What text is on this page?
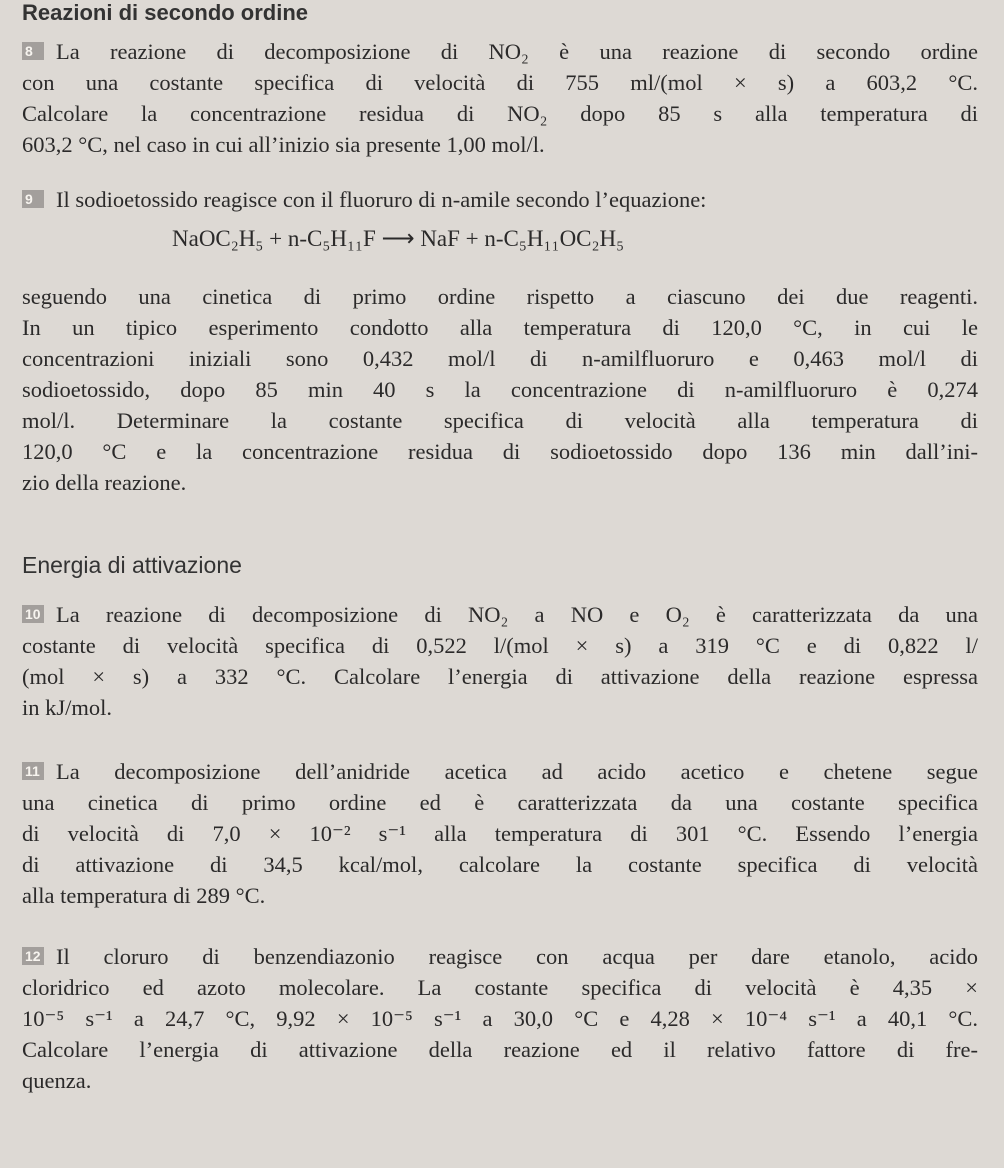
Reazioni di secondo ordine
8 La reazione di decomposizione di NO₂ è una reazione di secondo ordine
con una costante specifica di velocità di 755 ml/(mol × s) a 603,2 °C.
Calcolare la concentrazione residua di NO₂ dopo 85 s alla temperatura di
603,2 °C, nel caso in cui all’inizio sia presente 1,00 mol/l.
9 Il sodioetossido reagisce con il fluoruro di n-amile secondo l’equazione:
NaOC₂H₅ + n-C₅H₁₁F ⟶ NaF + n-C₅H₁₁OC₂H₅
seguendo una cinetica di primo ordine rispetto a ciascuno dei due reagenti.
In un tipico esperimento condotto alla temperatura di 120,0 °C, in cui le
concentrazioni iniziali sono 0,432 mol/l di n-amilfluoruro e 0,463 mol/l di
sodioetossido, dopo 85 min 40 s la concentrazione di n-amilfluoruro è 0,274
mol/l. Determinare la costante specifica di velocità alla temperatura di
120,0 °C e la concentrazione residua di sodioetossido dopo 136 min dall’ini-
zio della reazione.
Energia di attivazione
10 La reazione di decomposizione di NO₂ a NO e O₂ è caratterizzata da una
costante di velocità specifica di 0,522 l/(mol × s) a 319 °C e di 0,822 l/
(mol × s) a 332 °C. Calcolare l’energia di attivazione della reazione espressa
in kJ/mol.
11 La decomposizione dell’anidride acetica ad acido acetico e chetene segue
una cinetica di primo ordine ed è caratterizzata da una costante specifica
di velocità di 7,0 × 10⁻² s⁻¹ alla temperatura di 301 °C. Essendo l’energia
di attivazione di 34,5 kcal/mol, calcolare la costante specifica di velocità
alla temperatura di 289 °C.
12 Il cloruro di benzendiazonio reagisce con acqua per dare etanolo, acido
cloridrico ed azoto molecolare. La costante specifica di velocità è 4,35 ×
10⁻⁵ s⁻¹ a 24,7 °C, 9,92 × 10⁻⁵ s⁻¹ a 30,0 °C e 4,28 × 10⁻⁴ s⁻¹ a 40,1 °C.
Calcolare l’energia di attivazione della reazione ed il relativo fattore di fre-
quenza.
